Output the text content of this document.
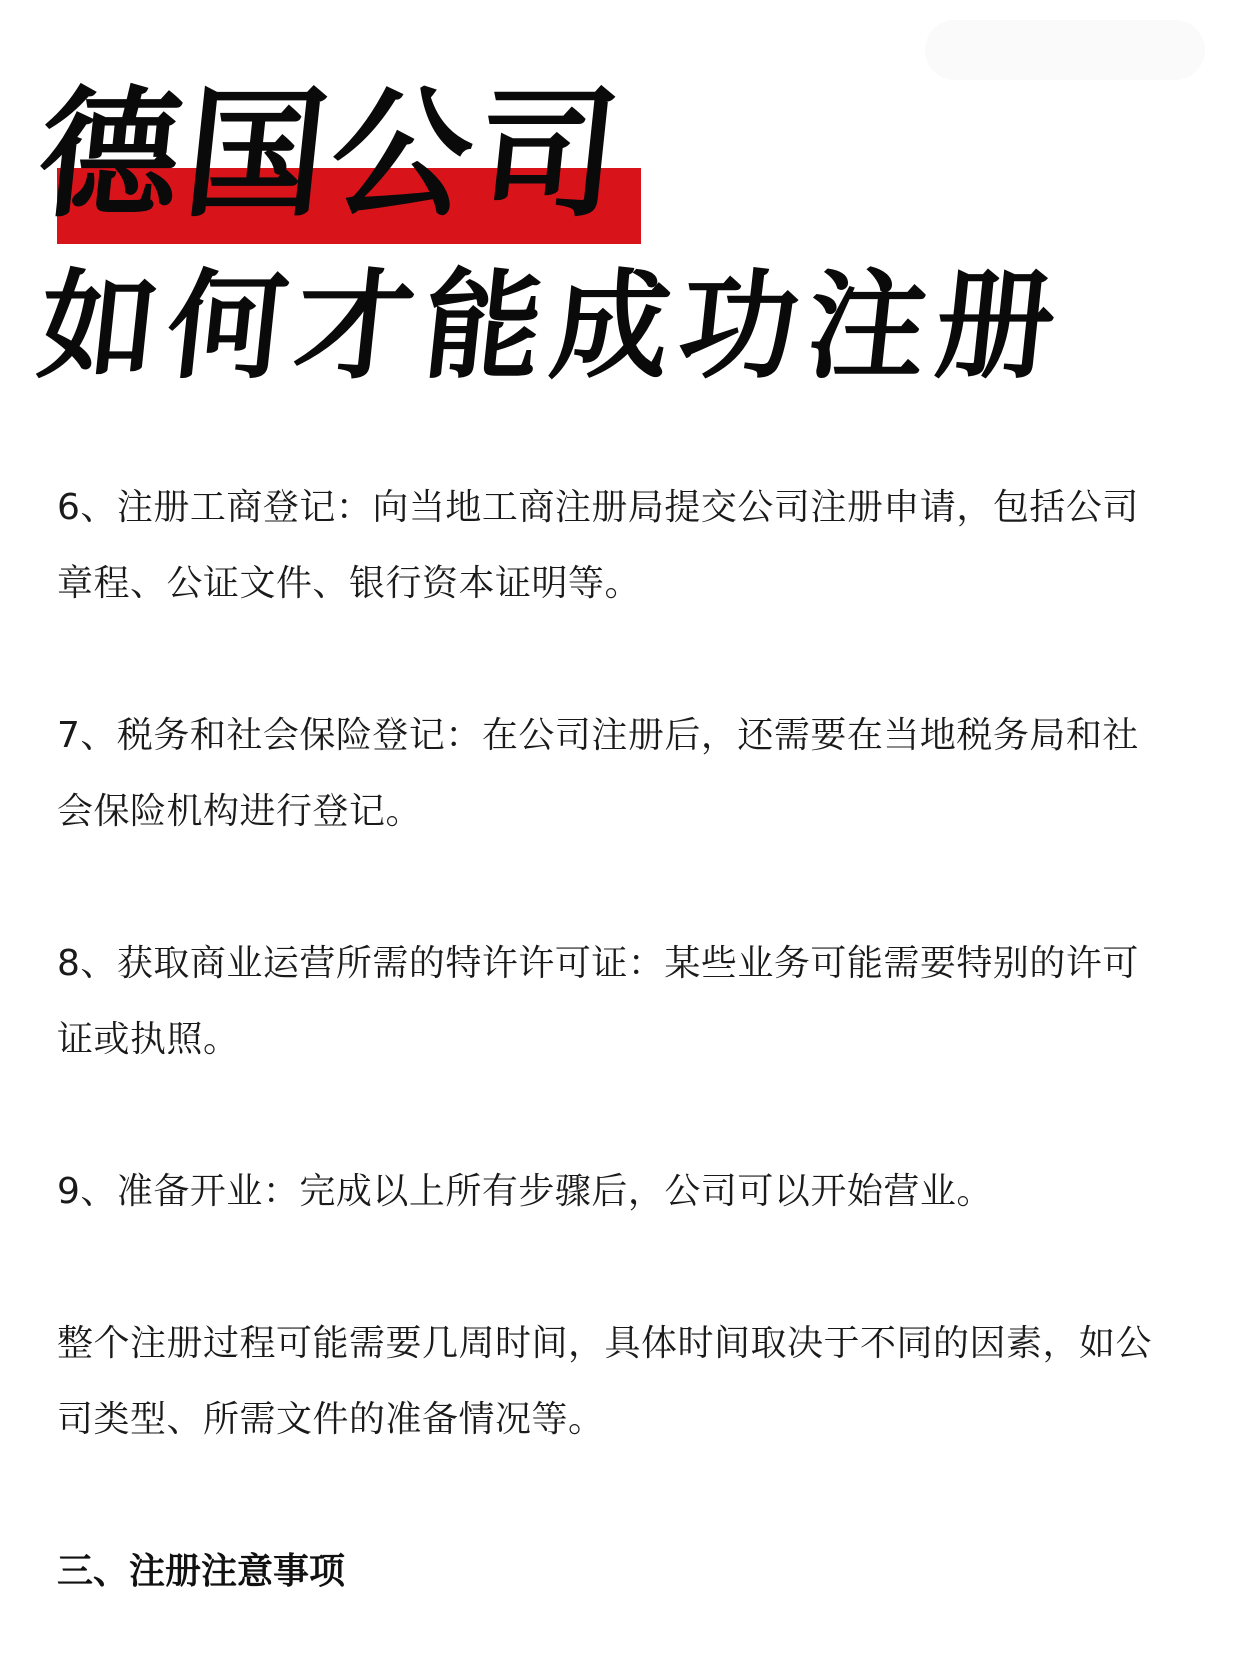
德国公司
如何才能成功注册

6、注册工商登记：向当地工商注册局提交公司注册申请，包括公司章程、公证文件、银行资本证明等。

7、税务和社会保险登记：在公司注册后，还需要在当地税务局和社会保险机构进行登记。

8、获取商业运营所需的特许许可证：某些业务可能需要特别的许可证或执照。

9、准备开业：完成以上所有步骤后，公司可以开始营业。

整个注册过程可能需要几周时间，具体时间取决于不同的因素，如公司类型、所需文件的准备情况等。

三、注册注意事项
